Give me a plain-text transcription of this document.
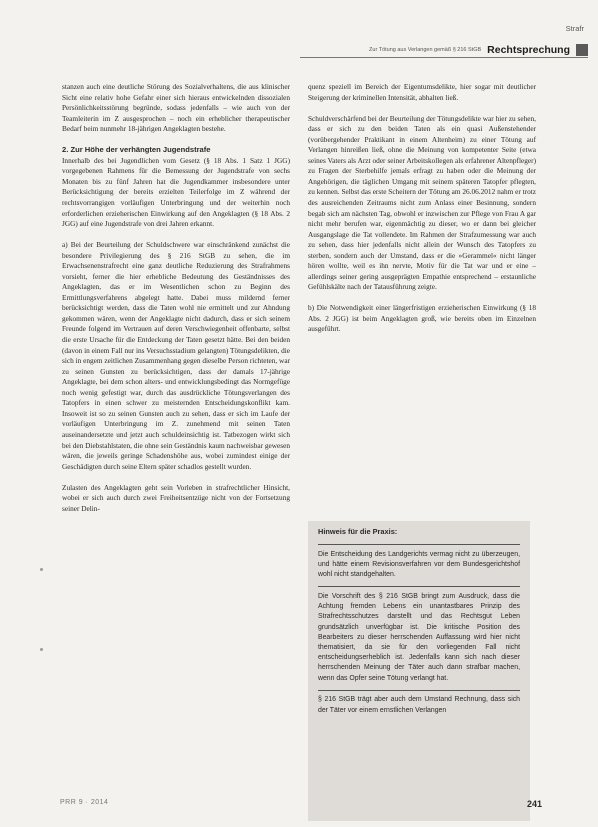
Strafr
Zur Tötung aus Verlangen gemäß § 216 StGB Rechtsprechung

stanzen auch eine deutliche Störung des Sozialverhaltens, die aus klinischer Sicht eine relativ hohe Gefahr einer sich hieraus entwickelnden dissozialen Persönlichkeitsstörung begründe, sodass jedenfalls – wie auch von der Teamleiterin im Z ausgesprochen – noch ein erheblicher therapeutischer Bedarf beim nunmehr 18-jährigen Angeklagten bestehe.

2. Zur Höhe der verhängten Jugendstrafe

Innerhalb des bei Jugendlichen vom Gesetz (§ 18 Abs. 1 Satz 1 JGG) vorgegebenen Rahmens für die Bemessung der Jugendstrafe von sechs Monaten bis zu fünf Jahren hat die Jugendkammer insbesondere unter Berücksichtigung der bereits erzielten Teilerfolge im Z während der rechtsvorrangigen vorläufigen Unterbringung und der weiterhin noch erforderlichen erzieherischen Einwirkung auf den Angeklagten (§ 18 Abs. 2 JGG) auf eine Jugendstrafe von drei Jahren erkannt.

a) Bei der Beurteilung der Schuldschwere war einschränkend zunächst die besondere Privilegierung des § 216 StGB zu sehen, die im Erwachsenenstrafrecht eine ganz deutliche Reduzierung des Strafrahmens vorsieht, ferner die hier erhebliche Bedeutung des Geständnisses des Angeklagten, das er im Wesentlichen schon zu Beginn des Ermittlungsverfahrens abgelegt hatte. Dabei muss mildernd ferner berücksichtigt werden, dass die Taten wohl nie ermittelt und zur Ahndung gekommen wären, wenn der Angeklagte nicht dadurch, dass er sich seinem Freunde folgend im Vertrauen auf deren Verschwiegenheit offenbarte, selbst die erste Ursache für die Entdeckung der Taten gesetzt hätte. Bei den beiden (davon in einem Fall nur ins Versuchsstadium gelangten) Tötungsdelikten, die sich in engem zeitlichen Zusammenhang gegen dieselbe Person richteten, war zu seinen Gunsten zu berücksichtigen, dass der damals 17-jährige Angeklagte, bei dem schon alters- und entwicklungsbedingt das Normgefüge noch wenig gefestigt war, durch das ausdrückliche Tötungsverlangen des Tatopfers in einen schwer zu meisternden Entscheidungskonflikt kam. Insoweit ist so zu seinen Gunsten auch zu sehen, dass er sich im Laufe der vorläufigen Unterbringung im Z. zunehmend mit seinen Taten auseinandersetzte und jetzt auch schuldeinsichtig ist. Tatbezogen wirkt sich bei den Diebstahlstaten, die ohne sein Geständnis kaum nachweisbar gewesen wären, die jeweils geringe Schadenshöhe aus, wobei zumindest einige der Geschädigten durch seine Eltern später schadlos gestellt wurden.

Zulasten des Angeklagten geht sein Vorleben in strafrechtlicher Hinsicht, wobei er sich auch durch zwei Freiheitsentzüge nicht von der Fortsetzung seiner Delin-

quenz speziell im Bereich der Eigentumsdelikte, hier sogar mit deutlicher Steigerung der kriminellen Intensität, abhalten ließ.

Schuldverschärfend bei der Beurteilung der Tötungsdelikte war hier zu sehen, dass er sich zu den beiden Taten als ein quasi Außenstehender (vorübergehender Praktikant in einem Altenheim) zu einer Tötung auf Verlangen hinreißen ließ, ohne die Meinung von kompetenter Seite (etwa seines Vaters als Arzt oder seiner Arbeitskollegen als erfahrener Altenpfleger) zu Fragen der Sterbehilfe jemals erfragt zu haben oder die Meinung der Angehörigen, die täglichen Umgang mit seinem späteren Tatopfer pflegten, zu kennen. Selbst das erste Scheitern der Tötung am 26.06.2012 nahm er trotz des ausreichenden Zeitraums nicht zum Anlass einer Besinnung, sondern begab sich am nächsten Tag, obwohl er inzwischen zur Pflege von Frau A gar nicht mehr berufen war, eigenmächtig zu dieser, wo er dann bei gleicher Ausgangslage die Tat vollendete. Im Rahmen der Strafzumessung war auch zu sehen, dass hier jedenfalls nicht allein der Wunsch des Tatopfers zu sterben, sondern auch der Umstand, dass er die »Gerammel« nicht länger hören wollte, weil es ihn nervte, Motiv für die Tat war und er eine – allerdings seiner gering ausgeprägten Empathie entsprechend – erstaunliche Gefühlskälte nach der Tatausführung zeigte.

b) Die Notwendigkeit einer längerfristigen erzieherischen Einwirkung (§ 18 Abs. 2 JGG) ist beim Angeklagten groß, wie bereits oben im Einzelnen ausgeführt.

Hinweis für die Praxis:

Die Entscheidung des Landgerichts vermag nicht zu überzeugen, und hätte einem Revisionsverfahren vor dem Bundesgerichtshof wohl nicht standgehalten.

Die Vorschrift des § 216 StGB bringt zum Ausdruck, dass die Achtung fremden Lebens ein unantastbares Prinzip des Strafrechtsschutzes darstellt und das Rechtsgut Leben grundsätzlich unverfügbar ist. Die kritische Position des Bearbeiters zu dieser herrschenden Auffassung wird hier nicht thematisiert, da sie für den vorliegenden Fall nicht entscheidungserheblich ist. Jedenfalls kann sich nach dieser herrschenden Meinung der Täter auch dann strafbar machen, wenn das Opfer seine Tötung verlangt hat.

§ 216 StGB trägt aber auch dem Umstand Rechnung, dass sich der Täter vor einem ernstlichen Verlangen

PRR 9 · 2014	241
